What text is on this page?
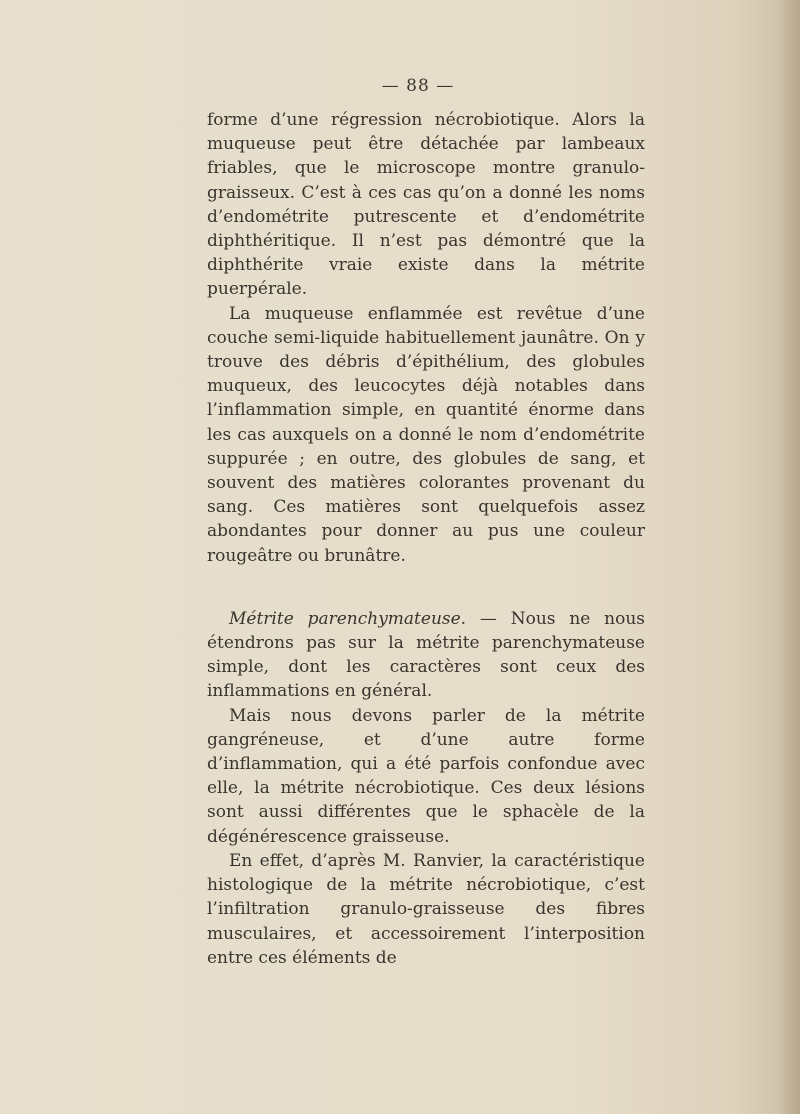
— 88 —

forme d’une régression nécrobiotique. Alors la muqueuse peut être détachée par lambeaux friables, que le microscope montre granulo-graisseux. C’est à ces cas qu’on a donné les noms d’endométrite putrescente et d’endométrite diphthéritique. Il n’est pas démontré que la diphthérite vraie existe dans la métrite puerpérale.

La muqueuse enflammée est revêtue d’une couche semi-liquide habituellement jaunâtre. On y trouve des débris d’épithélium, des globules muqueux, des leucocytes déjà notables dans l’inflammation simple, en quantité énorme dans les cas auxquels on a donné le nom d’endométrite suppurée ; en outre, des globules de sang, et souvent des matières colorantes provenant du sang. Ces matières sont quelquefois assez abondantes pour donner au pus une couleur rougeâtre ou brunâtre.

Métrite parenchymateuse. — Nous ne nous étendrons pas sur la métrite parenchymateuse simple, dont les caractères sont ceux des inflammations en général.

Mais nous devons parler de la métrite gangréneuse, et d’une autre forme d’inflammation, qui a été parfois confondue avec elle, la métrite nécrobiotique. Ces deux lésions sont aussi différentes que le sphacèle de la dégénérescence graisseuse.

En effet, d’après M. Ranvier, la caractéristique histologique de la métrite nécrobiotique, c’est l’infiltration granulo-graisseuse des fibres musculaires, et accessoirement l’interposition entre ces éléments de
